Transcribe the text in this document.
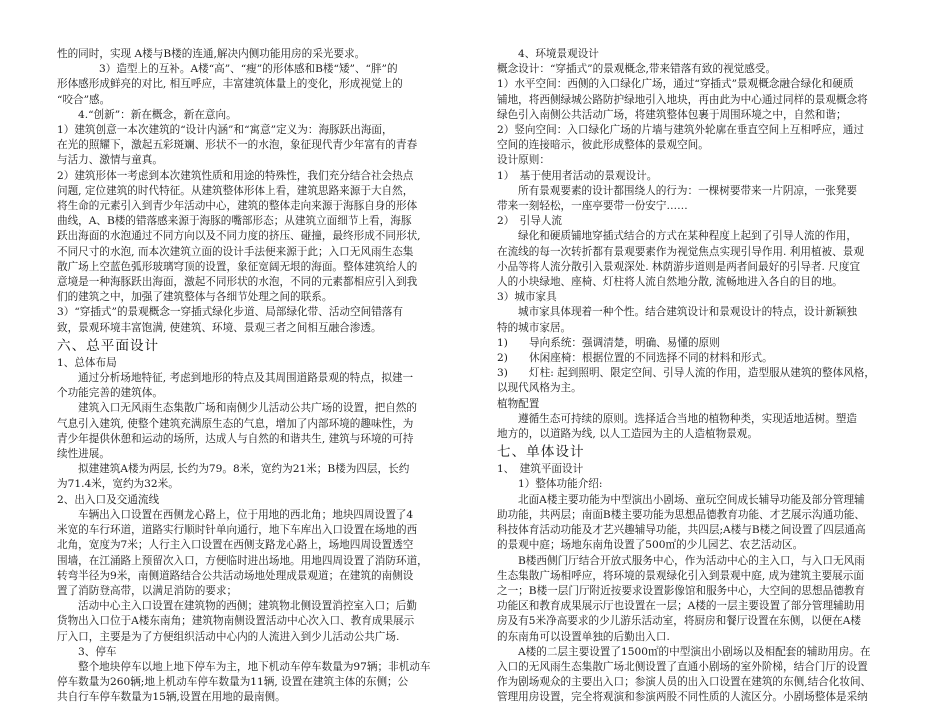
性的同时，实现 A楼与B楼的连通,解决内侧功能用房的采光要求。
3）造型上的互补。A楼“高”、“瘦”的形体感和B楼“矮”、“胖”的
形体感形成鲜亮的对比, 相互呼应，丰富建筑体量上的变化，形成视觉上的
“咬合”感。
4.“创新”：新在概念，新在意向。
1）建筑创意一本次建筑的“设计内涵”和“寓意”定义为：海豚跃出海面，
在光的照耀下，激起五彩斑斓、形状不一的水泡，象征现代青少年富有的青春
与活力、激情与童真。
2）建筑形体一考虑到本次建筑性质和用途的特殊性，我们充分结合社会热点
问题, 定位建筑的时代特征。从建筑整体形体上看，建筑思路来源于大自然，
将生命的元素引入到青少年活动中心，建筑的整体走向来源于海豚自身的形体
曲线，A、B楼的错落感来源于海豚的嘴部形态；从建筑立面细节上看，海豚
跃出海面的水泡通过不同方向以及不同力度的挤压、碰撞，最终形成不同形状,
不同尺寸的水泡, 而本次建筑立面的设计手法便来源于此；入口无风雨生态集
散广场上空蓝色弧形玻璃穹顶的设置，象征宽阔无垠的海面。整体建筑给人的
意境是一种海豚跃出海面，激起不同形状的水泡，不同的元素都相应引入到我
们的建筑之中，加强了建筑整体与各细节处理之间的联系。
3）“穿插式”的景观概念一穿插式绿化步道、局部绿化带、活动空间错落有
致，景观环境丰富饱满, 使建筑、环境、景观三者之间相互融合渗透。
六、总平面设计
1、总体布局
通过分析场地特征, 考虑到地形的特点及其周围道路景观的特点，拟建一
个功能完善的建筑体。
建筑入口无风雨生态集散广场和南侧少儿活动公共广场的设置，把自然的
气息引入建筑, 使整个建筑充满原生态的气息，增加了内部环境的趣味性，为
青少年提供休憩和运动的场所，达成人与自然的和谐共生, 建筑与环境的可持
续性进展。
拟建建筑A楼为两层, 长约为79。8米，宽约为21米；B楼为四层，长约
为71.4米，宽约为32米。
2、出入口及交通流线
车辆出入口设置在西侧龙心路上，位于用地的西北角；地块四周设置了4
米宽的车行环道，道路实行顺时针单向通行，地下车库出入口设置在场地的西
北角，宽度为7米；人行主入口设置在西侧支路龙心路上，场地四周设置透空
围墙，在江涌路上预留次入口，方便临时进出场地。用地四周设置了消防环道，
转弯半径为9米，南侧道路结合公共活动场地处理成景观道；在建筑的南侧设
置了消防登高带，以满足消防的要求；
活动中心主入口设置在建筑物的西侧；建筑物北侧设置消控室入口；后勤
货物出入口位于A楼东南角；建筑物南侧设置活动中心次入口、教育成果展示
厅入口，主要是为了方便组织活动中心内的人流进入到少儿活动公共广场.
3、停车
整个地块停车以地上地下停车为主，地下机动车停车数量为97辆；非机动车
停车数量为260辆;地上机动车停车数量为11辆, 设置在建筑主体的东侧；公
共自行车停车数量为15辆,设置在用地的最南侧。
4、环境景观设计
概念设计：“穿插式”的景观概念,带来错落有致的视觉感受。
1）水平空间：西侧的入口绿化广场，通过“穿插式”景观概念融合绿化和硬质
铺地，将西侧绿城公路防护绿地引入地块，再由此为中心通过同样的景观概念将
绿色引入南侧公共活动广场，将建筑整体包裹于周围环境之中，自然和谐；
2）竖向空间：入口绿化广场的片墙与建筑外轮廓在垂直空间上互相呼应，通过
空间的连接暗示，彼此形成整体的景观空间。
设计原则：
1）　基于使用者活动的景观设计。
所有景观要素的设计都围绕人的行为：一棵树要带来一片阴凉，一张凳要
带来一刻轻松，一座亭要带一份安宁……
2）　引导人流
绿化和硬质铺地穿插式结合的方式在某种程度上起到了引导人流的作用，
在流线的每一次转折都有景观要素作为视觉焦点实现引导作用. 利用植被、景观
小品等将人流分散引入景观深处. 林荫游步道则是两者间最好的引导者. 尺度宜
人的小块绿地、座椅、灯柱将人流自然地分散, 流畅地进入各自的目的地。
3）城市家具
城市家具体现着一种个性。结合建筑设计和景观设计的特点，设计新颖独
特的城市家居。
1)　　导向系统：强调清楚，明确、易懂的原则
2)　　休闲座椅：根据位置的不同选择不同的材料和形式。
3)　　灯柱: 起到照明、限定空间、引导人流的作用，造型服从建筑的整体风格，
以现代风格为主。
植物配置
遵循生态可持续的原则。选择适合当地的植物种类，实现适地适树。塑造
地方的，以道路为线, 以人工造园为主的人造植物景观。
七、单体设计
1、　建筑平面设计
1）整体功能介绍:
北面A楼主要功能为中型演出小剧场、童玩空间成长辅导功能及部分管理辅
助功能，共两层；南面B楼主要功能为思想品德教育功能、才艺展示沟通功能、
科技体育活动功能及才艺兴趣辅导功能，共四层;A楼与B楼之间设置了四层通高
的景观中庭；场地东南角设置了500㎡的少儿园艺、农艺活动区。
B楼西侧门厅结合开放式服务中心，作为活动中心的主入口，与入口无风雨
生态集散广场相呼应，将环境的景观绿化引入到景观中庭, 成为建筑主要展示面
之一；B楼一层门厅附近按要求设置影像馆和服务中心，大空间的思想品德教育
功能区和教育成果展示厅也设置在一层；A楼的一层主要设置了部分管理辅助用
房及有5米净高要求的少儿游乐活动室，将厨房和餐厅设置在东侧，以便在A楼
的东南角可以设置单独的后勤出入口.
A楼的二层主要设置了1500㎡的中型演出小剧场以及相配套的辅助用房。在
入口的无风雨生态集散广场北侧设置了直通小剧场的室外阶梯，结合门厅的设置
作为剧场观众的主要出入口；参演人员的出入口设置在建筑的东侧,结合化妆间、
管理用房设置，完全将观演和参演两股不同性质的人流区分。小剧场整体是采纳
